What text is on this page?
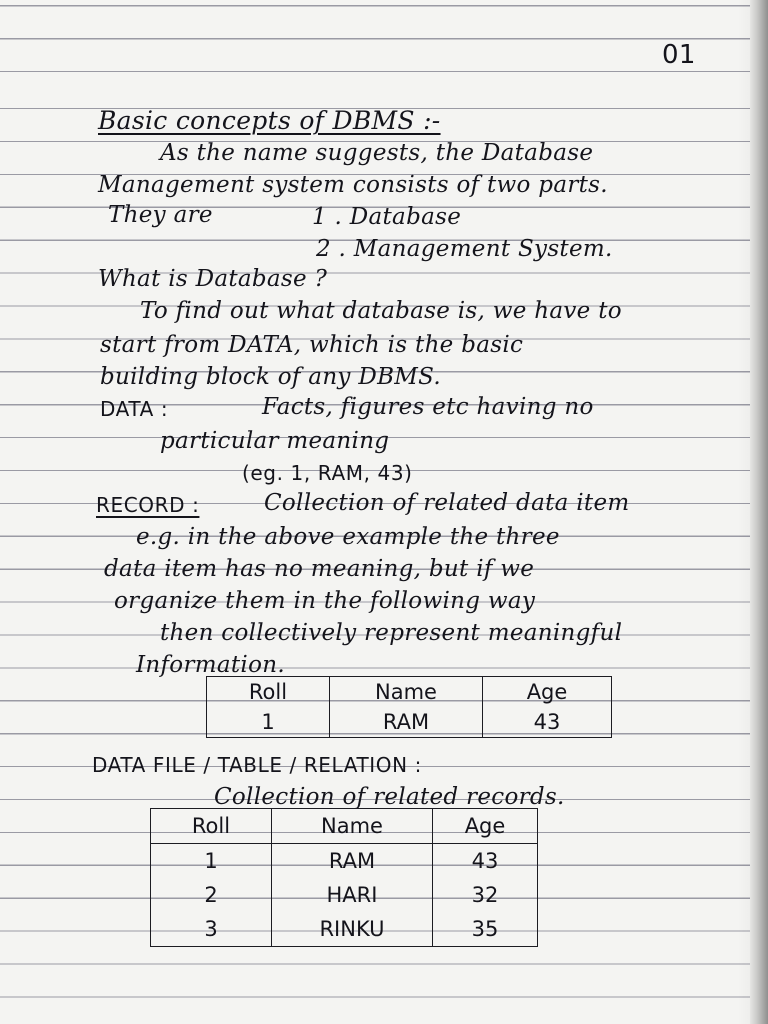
01
Basic concepts of DBMS :-
As the name suggests, the Database
Management system consists of two parts.
They are	1 . Database
2 . Management System.
What is Database ?
To find out what database is, we have to
start from DATA, which is the basic
building block of any DBMS.
DATA :	Facts, figures etc having no
particular meaning
(eg. 1, RAM, 43)
RECORD :	Collection of related data item
e.g. in the above example the three
data item has no meaning, but if we
organize them in the following way
then collectively represent meaningful
Information.
Roll	Name	Age
1	RAM	43
DATA FILE / TABLE / RELATION :
Collection of related records.
Roll	Name	Age
1	RAM	43
2	HARI	32
3	RINKU	35
